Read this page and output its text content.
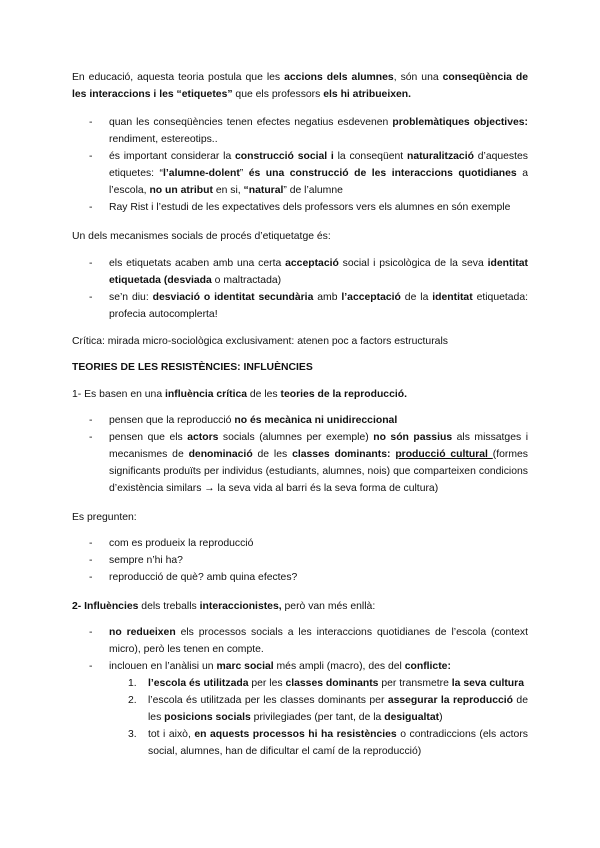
En educació, aquesta teoria postula que les accions dels alumnes, són una conseqüència de les interaccions i les “etiquetes” que els professors els hi atribueixen.

- quan les conseqüències tenen efectes negatius esdevenen problemàtiques objectives: rendiment, estereotips..
- és important considerar la construcció social i la conseqüent naturalització d’aquestes etiquetes: “l’alumne-dolent” és una construcció de les interaccions quotidianes a l’escola, no un atribut en si, “natural” de l’alumne
- Ray Rist i l’estudi de les expectatives dels professors vers els alumnes en són exemple

Un dels mecanismes socials de procés d’etiquetatge és:

- els etiquetats acaben amb una certa acceptació social i psicològica de la seva identitat etiquetada (desviada o maltractada)
- se’n diu: desviació o identitat secundària amb l’acceptació de la identitat etiquetada: profecia autocomplerta!

Crítica: mirada micro-sociològica exclusivament: atenen poc a factors estructurals

TEORIES DE LES RESISTÈNCIES: INFLUÈNCIES

1- Es basen en una influència crítica de les teories de la reproducció.

- pensen que la reproducció no és mecànica ni unidireccional
- pensen que els actors socials (alumnes per exemple) no són passius als missatges i mecanismes de denominació de les classes dominants: producció cultural (formes significants produïts per individus (estudiants, alumnes, nois) que comparteixen condicions d’existència similars → la seva vida al barri és la seva forma de cultura)

Es pregunten:

- com es produeix la reproducció
- sempre n’hi ha?
- reproducció de què? amb quina efectes?

2- Influències dels treballs interaccionistes, però van més enllà:

- no redueixen els processos socials a les interaccions quotidianes de l’escola (context micro), però les tenen en compte.
- inclouen en l’anàlisi un marc social més ampli (macro), des del conflicte:
1. l’escola és utilitzada per les classes dominants per transmetre la seva cultura
2. l’escola és utilitzada per les classes dominants per assegurar la reproducció de les posicions socials privilegiades (per tant, de la desigualtat)
3. tot i això, en aquests processos hi ha resistències o contradiccions (els actors social, alumnes, han de dificultar el camí de la reproducció)
